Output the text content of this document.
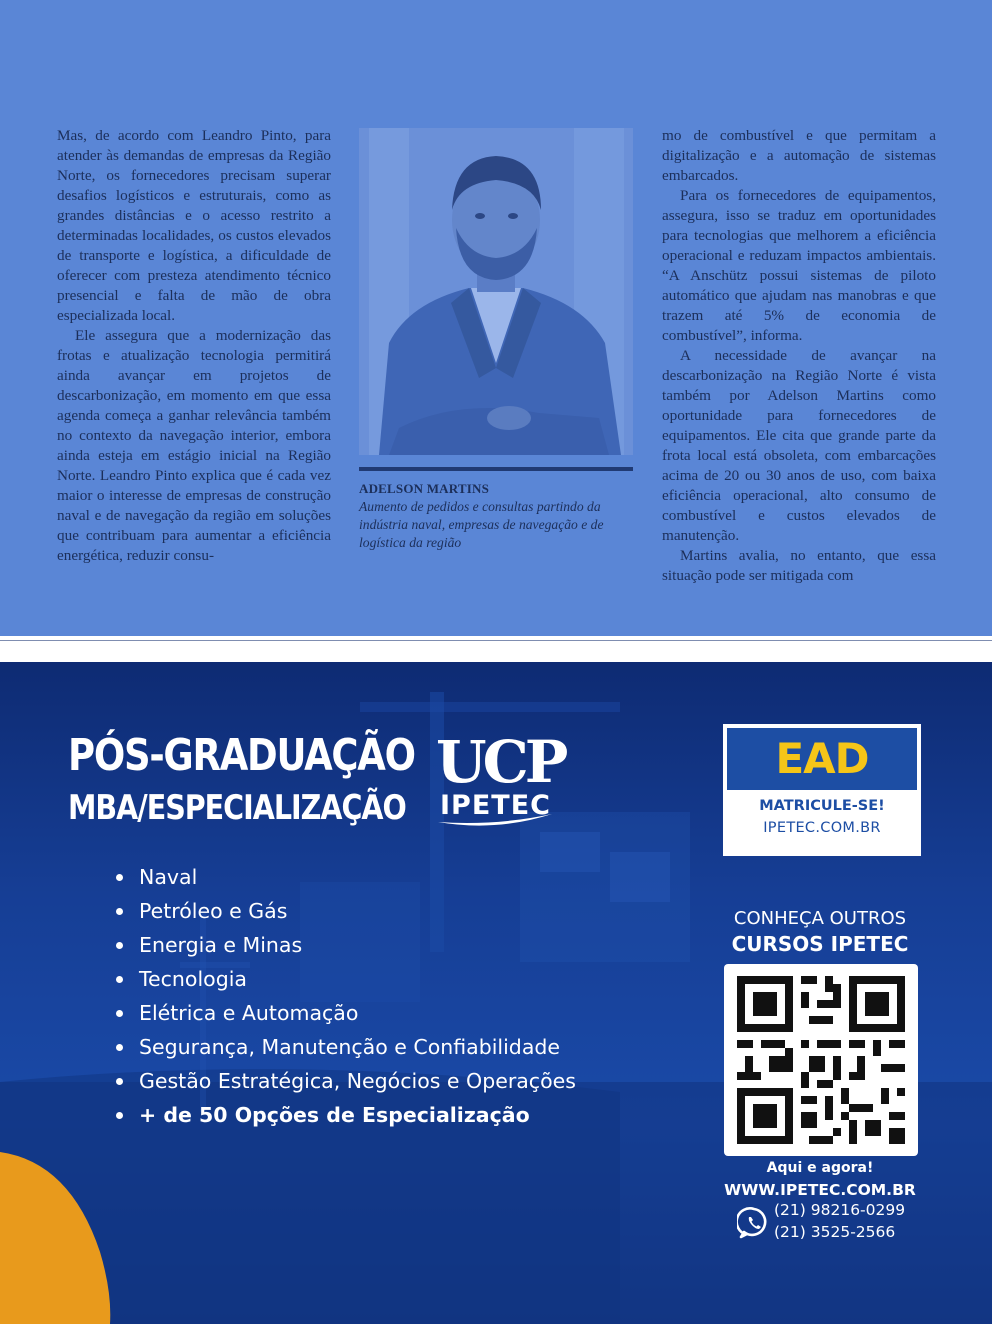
Mas, de acordo com Leandro Pinto, para atender às demandas de empresas da Região Norte, os fornecedores precisam superar desafios logísticos e estruturais, como as grandes distâncias e o acesso restrito a determinadas localidades, os custos elevados de transporte e logística, a dificuldade de oferecer com presteza atendimento técnico presencial e falta de mão de obra especializada local.

Ele assegura que a modernização das frotas e atualização tecnologia permitirá ainda avançar em projetos de descarbonização, em momento em que essa agenda começa a ganhar relevância também no contexto da navegação interior, embora ainda esteja em estágio inicial na Região Norte. Leandro Pinto explica que é cada vez maior o interesse de empresas de construção naval e de navegação da região em soluções que contribuam para aumentar a eficiência energética, reduzir consu-

ADELSON MARTINS
Aumento de pedidos e consultas partindo da indústria naval, empresas de navegação e de logística da região

mo de combustível e que permitam a digitalização e a automação de sistemas embarcados.

Para os fornecedores de equipamentos, assegura, isso se traduz em oportunidades para tecnologias que melhorem a eficiência operacional e reduzam impactos ambientais. “A Anschütz possui sistemas de piloto automático que ajudam nas manobras e que trazem até 5% de economia de combustível”, informa.

A necessidade de avançar na descarbonização na Região Norte é vista também por Adelson Martins como oportunidade para fornecedores de equipamentos. Ele cita que grande parte da frota local está obsoleta, com embarcações acima de 20 ou 30 anos de uso, com baixa eficiência operacional, alto consumo de combustível e custos elevados de manutenção.

Martins avalia, no entanto, que essa situação pode ser mitigada com

PÓS-GRADUAÇÃO
MBA/ESPECIALIZAÇÃO
UCP
IPETEC
Naval
Petróleo e Gás
Energia e Minas
Tecnologia
Elétrica e Automação
Segurança, Manutenção e Confiabilidade
Gestão Estratégica, Negócios e Operações
+ de 50 Opções de Especialização
EAD
MATRICULE-SE!
IPETEC.COM.BR
CONHEÇA OUTROS
CURSOS IPETEC
Aqui e agora!
WWW.IPETEC.COM.BR
(21) 98216-0299
(21) 3525-2566
